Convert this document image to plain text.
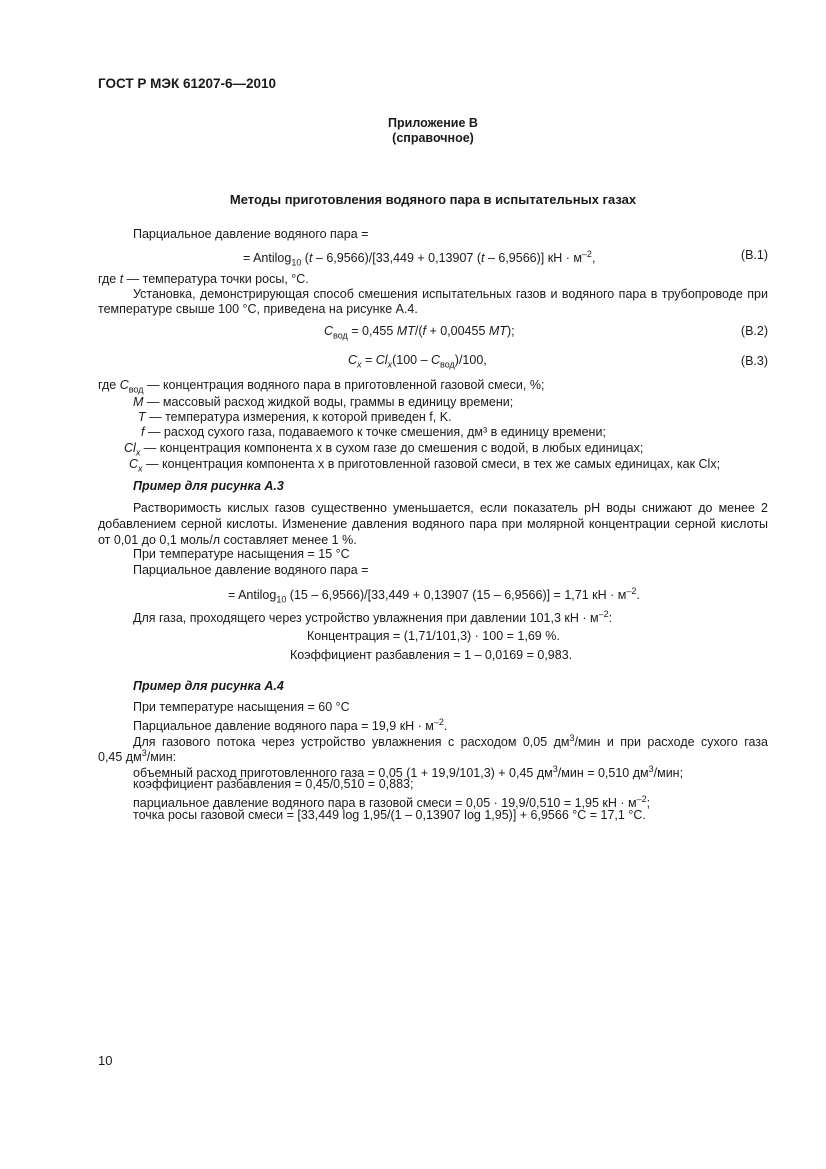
ГОСТ Р МЭК 61207-6—2010
Приложение В
(справочное)
Методы приготовления водяного пара в испытательных газах
Парциальное давление водяного пара =
= Antilog$_{10}$ (t – 6,9566)/[33,449 + 0,13907 (t – 6,9566)] кН · $м^{-2}$,	(В.1)
где t — температура точки росы, °С.
Установка, демонстрирующая способ смешения испытательных газов и водяного пара в трубопроводе при температуре свыше 100 °С, приведена на рисунке А.4.
$C_{вод} = 0,455$ MT/(f + 0,00455 MT);	(В.2)
$C_x = Cl_x(100 - C_{вод})/100$,	(В.3)
где $C_{вод}$ — концентрация водяного пара в приготовленной газовой смеси, %;
M — массовый расход жидкой воды, граммы в единицу времени;
T — температура измерения, к которой приведен f, K.
f — расход сухого газа, подаваемого к точке смешения, дм³ в единицу времени;
$Cl_x$ — концентрация компонента x в сухом газе до смешения с водой, в любых единицах;
$C_x$ — концентрация компонента x в приготовленной газовой смеси, в тех же самых единицах, как Clx;
Пример для рисунка А.3
Растворимость кислых газов существенно уменьшается, если показатель рН воды снижают до менее 2 добавлением серной кислоты. Изменение давления водяного пара при молярной концентрации серной кислоты от 0,01 до 0,1 моль/л составляет менее 1 %.
При температуре насыщения = 15 °С
Парциальное давление водяного пара =
= Antilog$_{10}$ (15 – 6,9566)/[33,449 + 0,13907 (15 – 6,9566)] = 1,71 кН · $м^{-2}$.
Для газа, проходящего через устройство увлажнения при давлении 101,3 кН · $м^{-2}$:
Концентрация = (1,71/101,3) · 100 = 1,69 %.
Коэффициент разбавления = 1 – 0,0169 = 0,983.
Пример для рисунка А.4
При температуре насыщения = 60 °С
Парциальное давление водяного пара = 19,9 кН · $м^{-2}$.
Для газового потока через устройство увлажнения с расходом 0,05 $дм^3$/мин и при расходе сухого газа
0,45 $дм^3$/мин:
объемный расход приготовленного газа = 0,05 (1 + 19,9/101,3) + 0,45 $дм^3$/мин = 0,510 $дм^3$/мин;
коэффициент разбавления = 0,45/0,510 = 0,883;
парциальное давление водяного пара в газовой смеси = 0,05 · 19,9/0,510 = 1,95 кН · $м^{-2}$;
точка росы газовой смеси = [33,449 log 1,95/(1 – 0,13907 log 1,95)] + 6,9566 °С = 17,1 °С.
10
